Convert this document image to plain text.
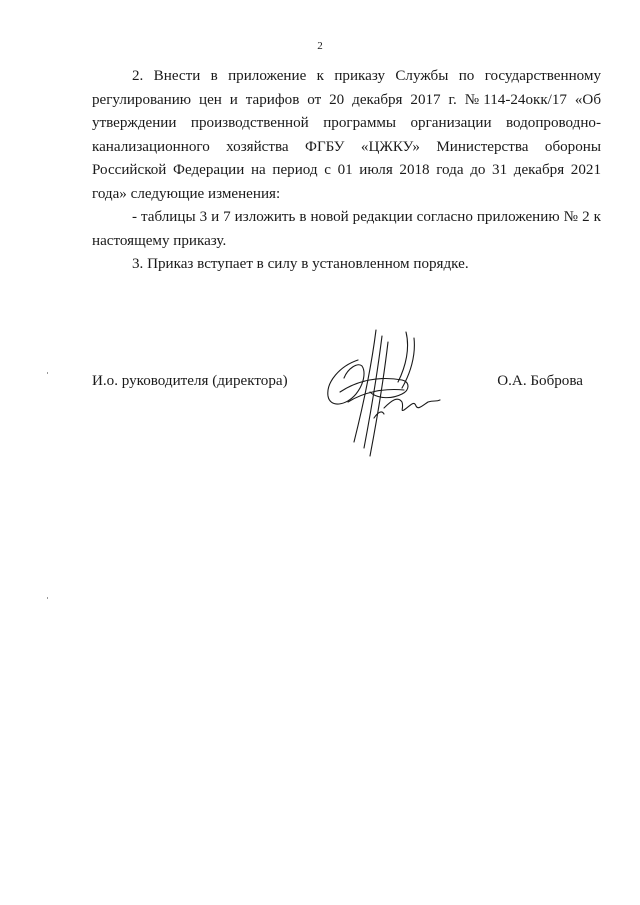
2

2. Внести в приложение к приказу Службы по государственному регулированию цен и тарифов от 20 декабря 2017 г. №114-24окк/17 «Об утверждении производственной программы организации водопроводно-канализационного хозяйства ФГБУ «ЦЖКУ» Министерства обороны Российской Федерации на период с 01 июля 2018 года до 31 декабря 2021 года» следующие изменения:

- таблицы 3 и 7 изложить в новой редакции согласно приложению № 2 к настоящему приказу.

3. Приказ вступает в силу в установленном порядке.

И.о. руководителя (директора)	О.А. Боброва
